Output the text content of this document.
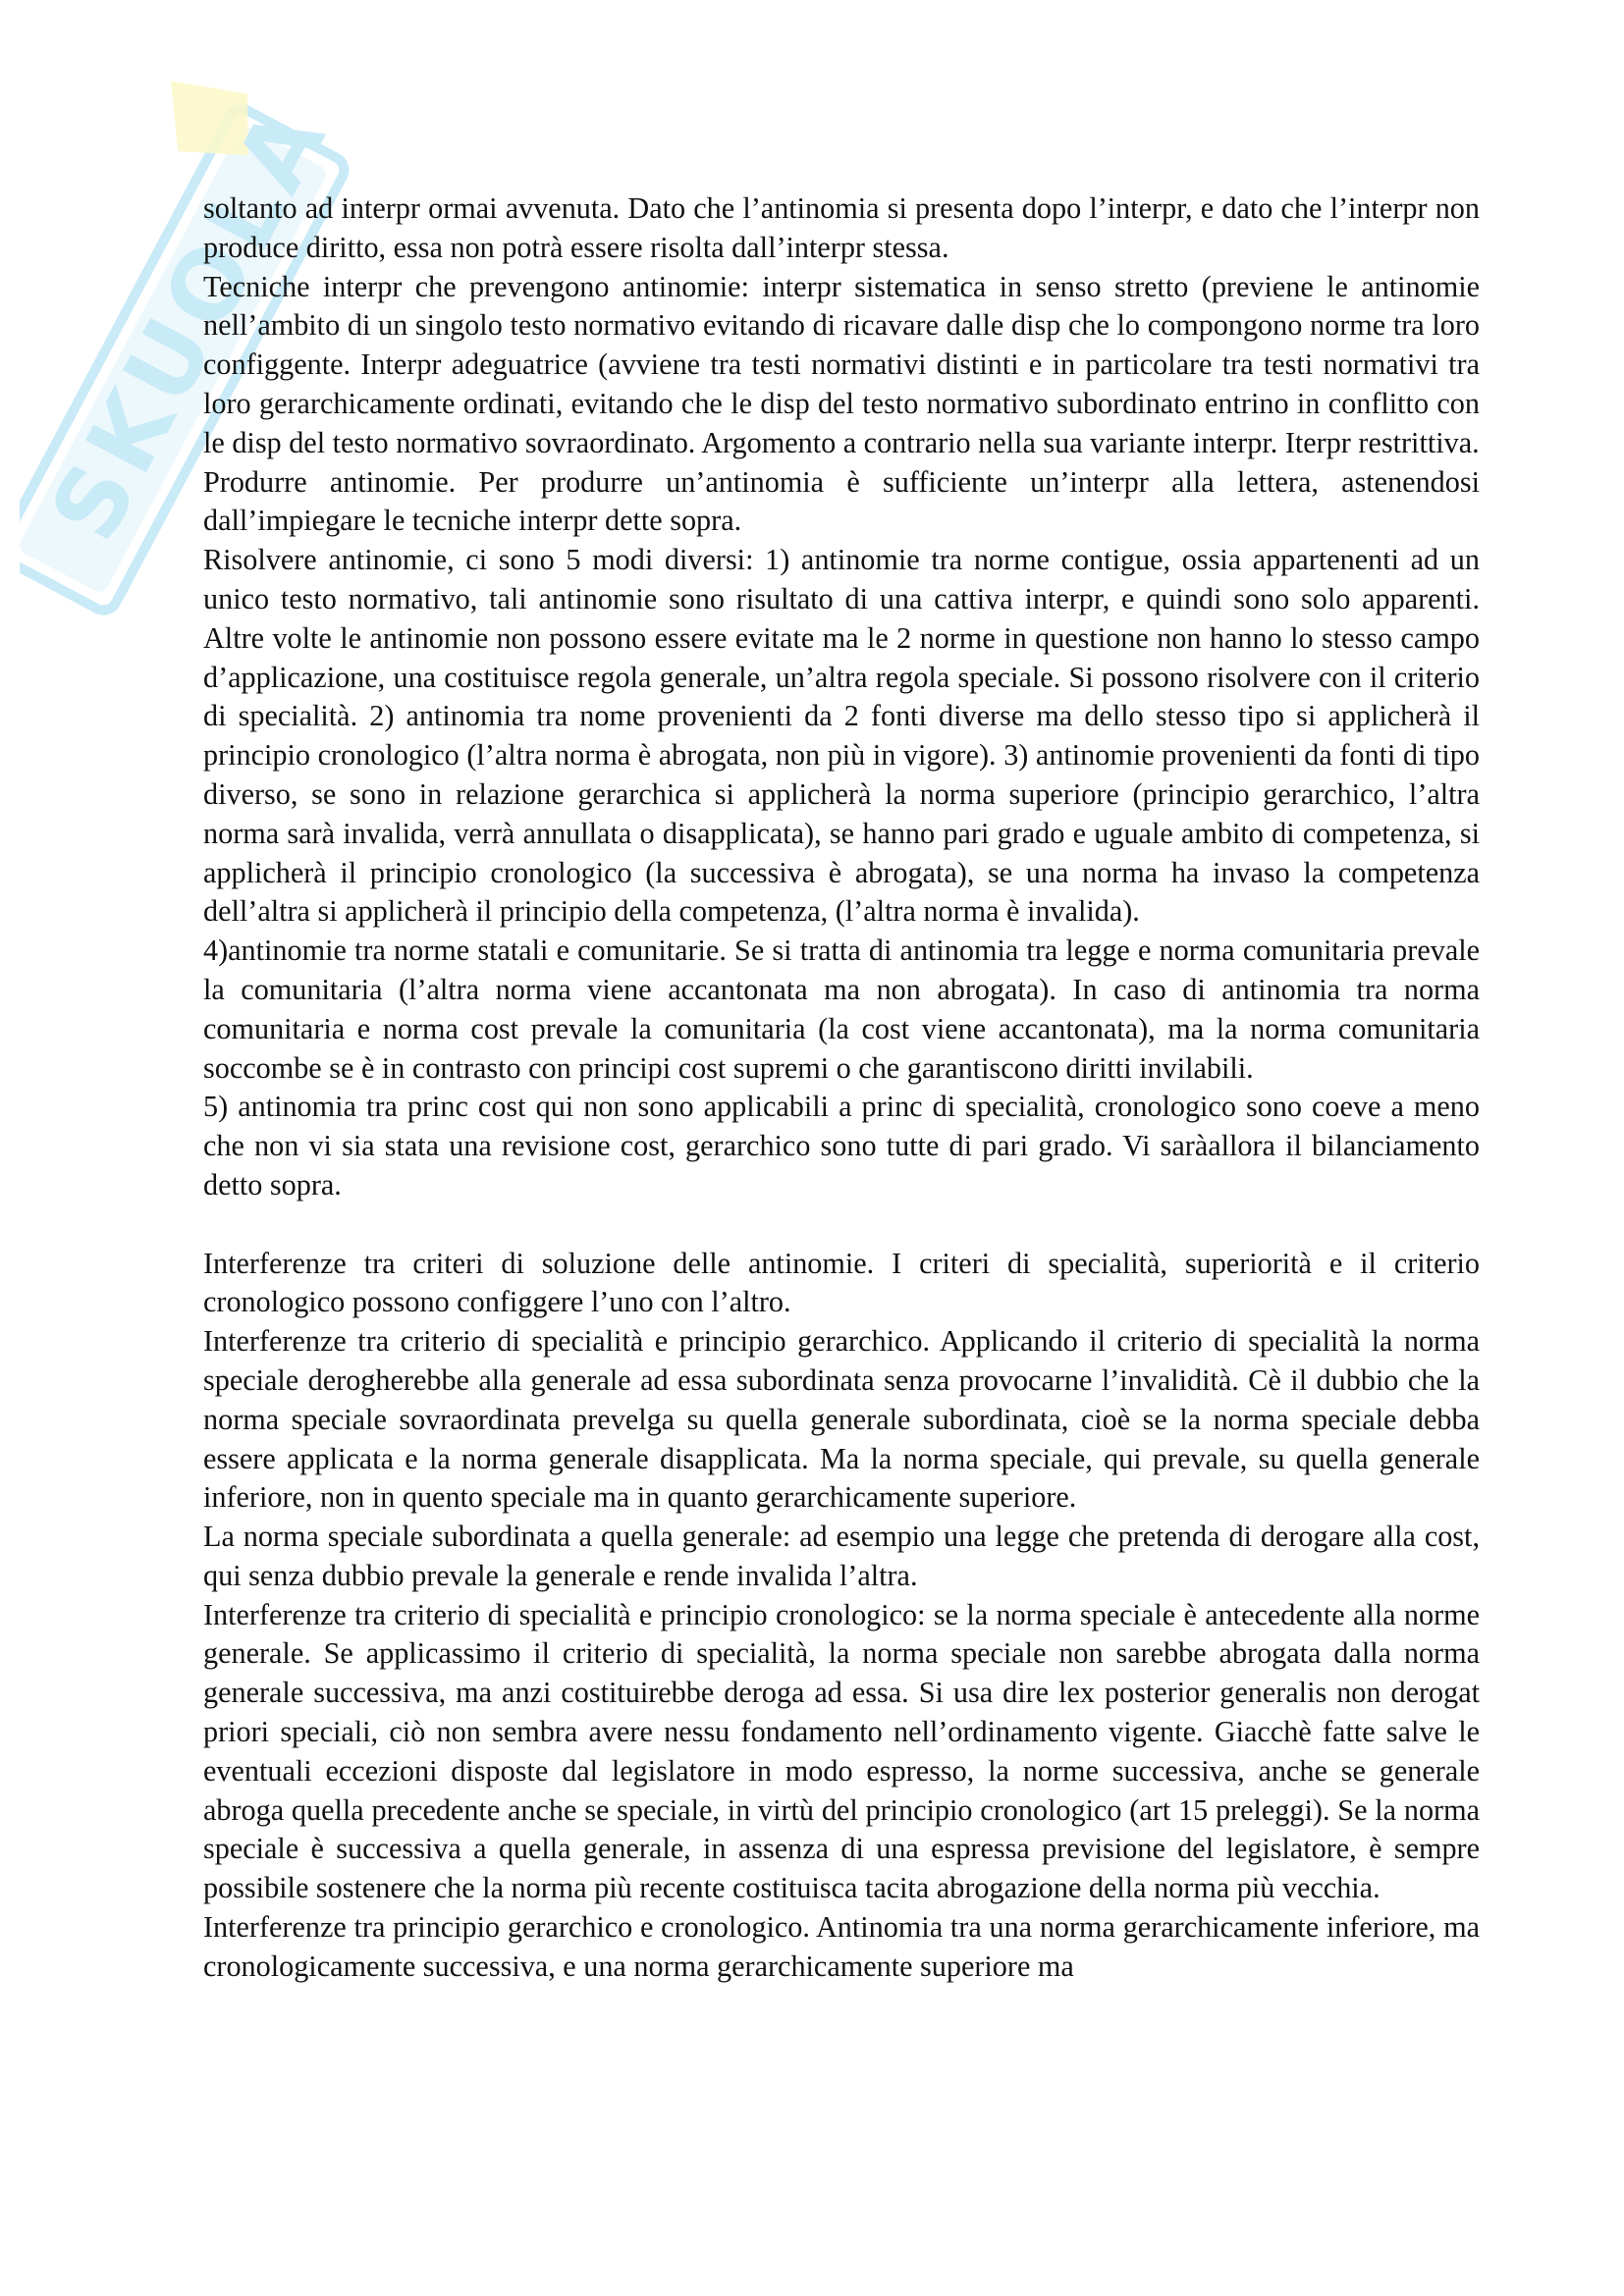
SKUOLA

soltanto ad interpr ormai avvenuta. Dato che l’antinomia si presenta dopo l’interpr, e dato che l’interpr non produce diritto, essa non potrà essere risolta dall’interpr stessa.

Tecniche interpr che prevengono antinomie: interpr sistematica in senso stretto (previene le antinomie nell’ambito di un singolo testo normativo evitando di ricavare dalle disp che lo compongono norme tra loro configgente. Interpr adeguatrice (avviene tra testi normativi distinti e in particolare tra testi normativi tra loro gerarchicamente ordinati, evitando che le disp del testo normativo subordinato entrino in conflitto con le disp del testo normativo sovraordinato. Argomento a contrario nella sua variante interpr. Iterpr restrittiva.

Produrre antinomie. Per produrre un’antinomia è sufficiente un’interpr alla lettera, astenendosi dall’impiegare le tecniche interpr dette sopra.

Risolvere antinomie, ci sono 5 modi diversi: 1) antinomie tra norme contigue, ossia appartenenti ad un unico testo normativo, tali antinomie sono risultato di una cattiva interpr, e quindi sono solo apparenti. Altre volte le antinomie non possono essere evitate ma le 2 norme in questione non hanno lo stesso campo d’applicazione, una costituisce regola generale, un’altra regola speciale. Si possono risolvere con il criterio di specialità. 2) antinomia tra nome provenienti da 2 fonti diverse ma dello stesso tipo si applicherà il principio cronologico (l’altra norma è abrogata, non più in vigore). 3) antinomie provenienti da fonti di tipo diverso, se sono in relazione gerarchica si applicherà la norma superiore (principio gerarchico, l’altra norma sarà invalida, verrà annullata o disapplicata), se hanno pari grado e uguale ambito di competenza, si applicherà il principio cronologico (la successiva è abrogata), se una norma ha invaso la competenza dell’altra si applicherà il principio della competenza, (l’altra norma è invalida).

4)antinomie tra norme statali e comunitarie. Se si tratta di antinomia tra legge e norma comunitaria prevale la comunitaria (l’altra norma viene accantonata ma non abrogata). In caso di antinomia tra norma comunitaria e norma cost prevale la comunitaria (la cost viene accantonata), ma la norma comunitaria soccombe se è in contrasto con principi cost supremi o che garantiscono diritti invilabili.

5) antinomia tra princ cost qui non sono applicabili a princ di specialità, cronologico sono coeve a meno che non vi sia stata una revisione cost, gerarchico sono tutte di pari grado. Vi saràallora il bilanciamento detto sopra.

Interferenze tra criteri di soluzione delle antinomie. I criteri di specialità, superiorità e il criterio cronologico possono configgere l’uno con l’altro.

Interferenze tra criterio di specialità e principio gerarchico. Applicando il criterio di specialità la norma speciale derogherebbe alla generale ad essa subordinata senza provocarne l’invalidità. Cè il dubbio che la norma speciale sovraordinata prevelga su quella generale subordinata, cioè se la norma speciale debba essere applicata e la norma generale disapplicata. Ma la norma speciale, qui prevale, su quella generale inferiore, non in quento speciale ma in quanto gerarchicamente superiore.

La norma speciale subordinata a quella generale: ad esempio una legge che pretenda di derogare alla cost, qui senza dubbio prevale la generale e rende invalida l’altra.

Interferenze tra criterio di specialità e principio cronologico: se la norma speciale è antecedente alla norme generale. Se applicassimo il criterio di specialità, la norma speciale non sarebbe abrogata dalla norma generale successiva, ma anzi costituirebbe deroga ad essa. Si usa dire lex posterior generalis non derogat priori speciali, ciò non sembra avere nessu fondamento nell’ordinamento vigente. Giacchè fatte salve le eventuali eccezioni disposte dal legislatore in modo espresso, la norme successiva, anche se generale abroga quella precedente anche se speciale, in virtù del principio cronologico (art 15 preleggi). Se la norma speciale è successiva a quella generale, in assenza di una espressa previsione del legislatore, è sempre possibile sostenere che la norma più recente costituisca tacita abrogazione della norma più vecchia.

Interferenze tra principio gerarchico e cronologico. Antinomia tra una norma gerarchicamente inferiore, ma cronologicamente successiva, e una norma gerarchicamente superiore ma
